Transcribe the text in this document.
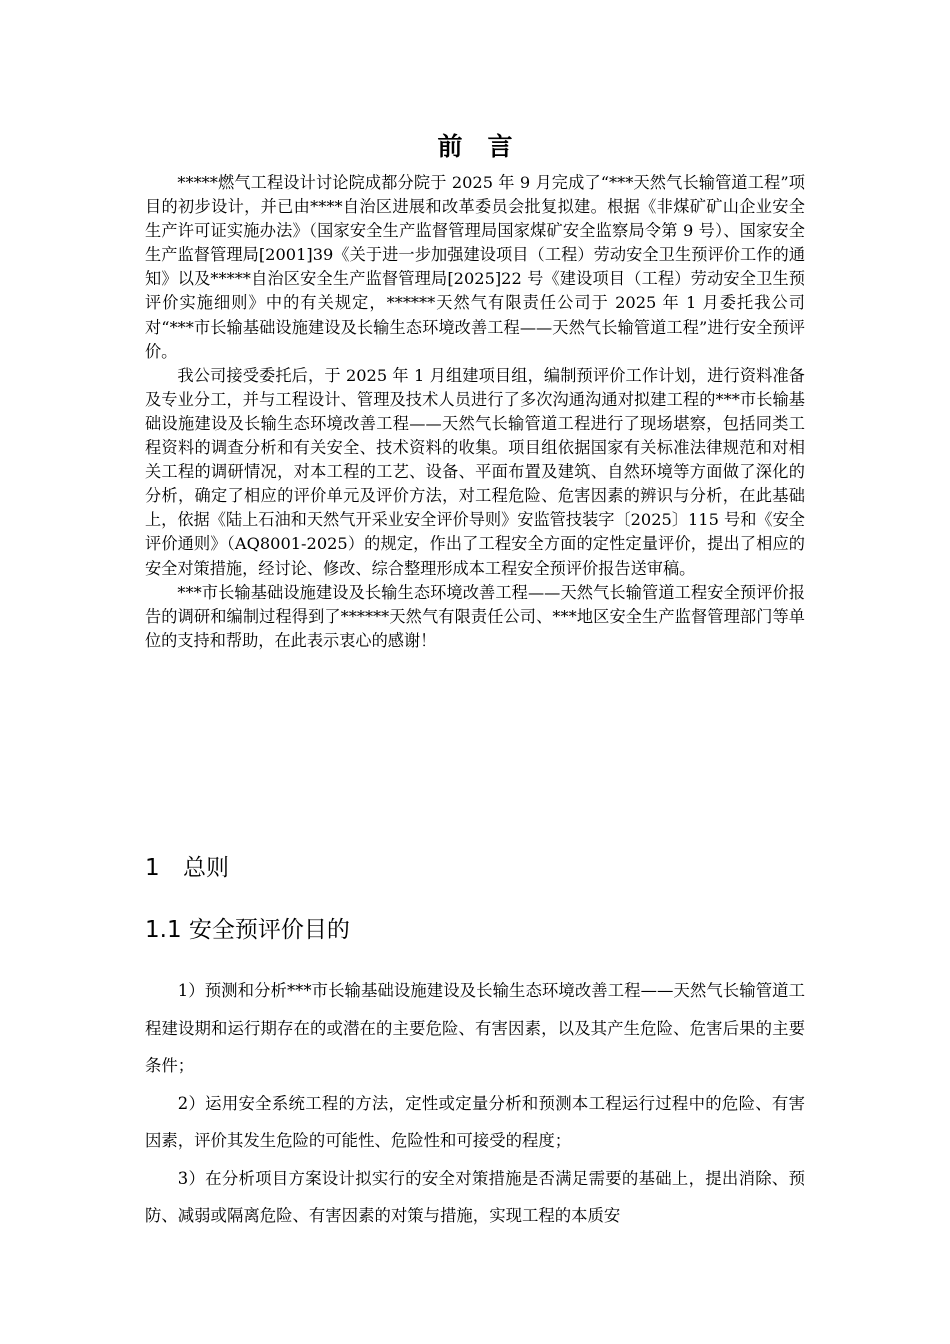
前　言

*****燃气工程设计讨论院成都分院于 2025 年 9 月完成了“***天然气长输管道工程”项目的初步设计，并已由****自治区进展和改革委员会批复拟建。根据《非煤矿矿山企业安全生产许可证实施办法》（国家安全生产监督管理局国家煤矿安全监察局令第 9 号）、国家安全生产监督管理局[2001]39《关于进一步加强建设项目（工程）劳动安全卫生预评价工作的通知》以及*****自治区安全生产监督管理局[2025]22 号《建设项目（工程）劳动安全卫生预评价实施细则》中的有关规定，******天然气有限责任公司于 2025 年 1 月委托我公司对“***市长输基础设施建设及长输生态环境改善工程——天然气长输管道工程”进行安全预评价。

我公司接受委托后，于 2025 年 1 月组建项目组，编制预评价工作计划，进行资料准备及专业分工，并与工程设计、管理及技术人员进行了多次沟通沟通对拟建工程的***市长输基础设施建设及长输生态环境改善工程——天然气长输管道工程进行了现场堪察，包括同类工程资料的调查分析和有关安全、技术资料的收集。项目组依据国家有关标准法律规范和对相关工程的调研情况，对本工程的工艺、设备、平面布置及建筑、自然环境等方面做了深化的分析，确定了相应的评价单元及评价方法，对工程危险、危害因素的辨识与分析，在此基础上，依据《陆上石油和天然气开采业安全评价导则》安监管技装字〔2025〕115 号和《安全评价通则》（AQ8001-2025）的规定，作出了工程安全方面的定性定量评价，提出了相应的安全对策措施，经讨论、修改、综合整理形成本工程安全预评价报告送审稿。

***市长输基础设施建设及长输生态环境改善工程——天然气长输管道工程安全预评价报告的调研和编制过程得到了******天然气有限责任公司、***地区安全生产监督管理部门等单位的支持和帮助，在此表示衷心的感谢！

1 总则
1.1 安全预评价目的

1）预测和分析***市长输基础设施建设及长输生态环境改善工程——天然气长输管道工程建设期和运行期存在的或潜在的主要危险、有害因素，以及其产生危险、危害后果的主要条件；

2）运用安全系统工程的方法，定性或定量分析和预测本工程运行过程中的危险、有害因素，评价其发生危险的可能性、危险性和可接受的程度；

3）在分析项目方案设计拟实行的安全对策措施是否满足需要的基础上，提出消除、预防、减弱或隔离危险、有害因素的对策与措施，实现工程的本质安
